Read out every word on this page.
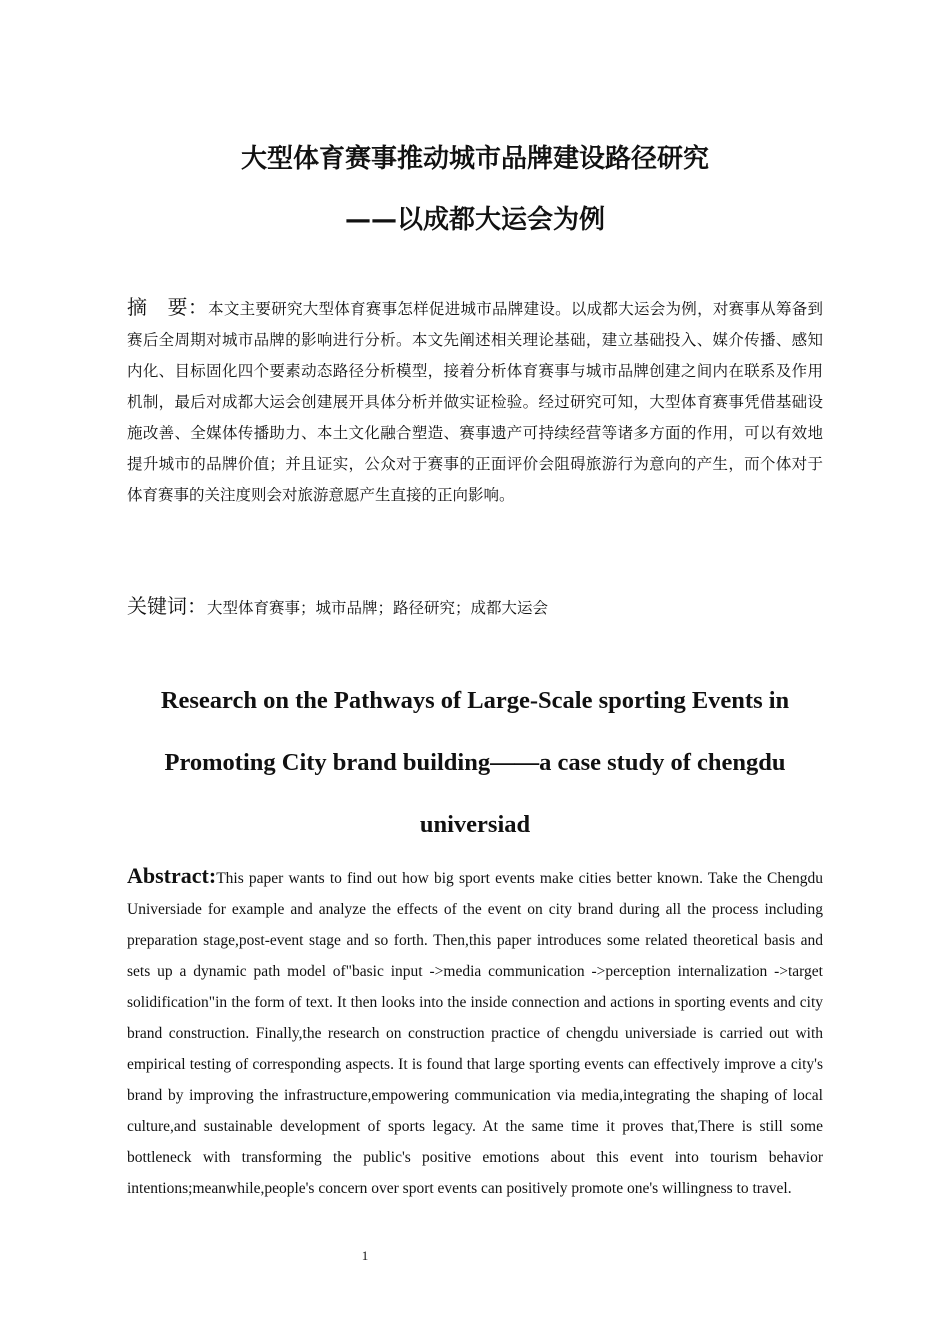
大型体育赛事推动城市品牌建设路径研究
——以成都大运会为例

摘　要：本文主要研究大型体育赛事怎样促进城市品牌建设。以成都大运会为例，对赛事从筹备到赛后全周期对城市品牌的影响进行分析。本文先阐述相关理论基础，建立基础投入、媒介传播、感知内化、目标固化四个要素动态路径分析模型，接着分析体育赛事与城市品牌创建之间内在联系及作用机制，最后对成都大运会创建展开具体分析并做实证检验。经过研究可知，大型体育赛事凭借基础设施改善、全媒体传播助力、本土文化融合塑造、赛事遗产可持续经营等诸多方面的作用，可以有效地提升城市的品牌价值；并且证实，公众对于赛事的正面评价会阻碍旅游行为意向的产生，而个体对于体育赛事的关注度则会对旅游意愿产生直接的正向影响。

关键词：大型体育赛事；城市品牌；路径研究；成都大运会

Research on the Pathways of Large-Scale sporting Events in Promoting City brand building——a case study of chengdu universiad

Abstract:This paper wants to find out how big sport events make cities better known. Take the Chengdu Universiade for example and analyze the effects of the event on city brand during all the process including preparation stage,post-event stage and so forth. Then,this paper introduces some related theoretical basis and sets up a dynamic path model of"basic input ->media communication ->perception internalization ->target solidification"in the form of text. It then looks into the inside connection and actions in sporting events and city brand construction. Finally,the research on construction practice of chengdu universiade is carried out with empirical testing of corresponding aspects. It is found that large sporting events can effectively improve a city's brand by improving the infrastructure,empowering communication via media,integrating the shaping of local culture,and sustainable development of sports legacy. At the same time it proves that,There is still some bottleneck with transforming the public's positive emotions about this event into tourism behavior intentions;meanwhile,people's concern over sport events can positively promote one's willingness to travel.

1
